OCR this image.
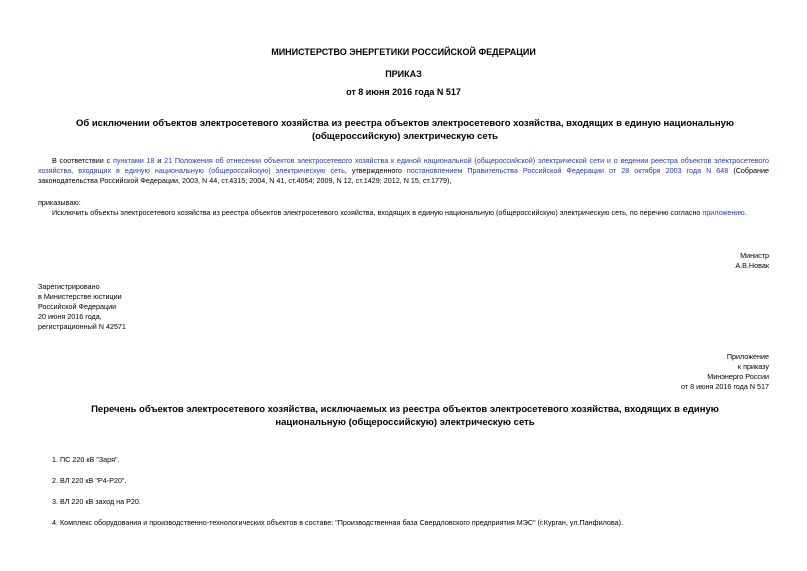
МИНИСТЕРСТВО ЭНЕРГЕТИКИ РОССИЙСКОЙ ФЕДЕРАЦИИ
ПРИКАЗ
от 8 июня 2016 года N 517
Об исключении объектов электросетевого хозяйства из реестра объектов электросетевого хозяйства, входящих в единую национальную (общероссийскую) электрическую сеть
В соответствии с пунктами 18 и 21 Положения об отнесении объектов электросетевого хозяйства к единой национальной (общероссийской) электрической сети и о ведении реестра объектов электросетевого хозяйства, входящих в единую национальную (общероссийскую) электрическую сеть, утвержденного постановлением Правительства Российской Федерации от 28 октября 2003 года N 648 (Собрание законодательства Российской Федерации, 2003, N 44, ст.4315; 2004, N 41, ст.4054; 2009, N 12, ст.1429; 2012, N 15, ст.1779),
приказываю:
Исключить объекты электросетевого хозяйства из реестра объектов электросетевого хозяйства, входящих в единую национальную (общероссийскую) электрическую сеть, по перечню согласно приложению.
Министр
А.В.Новак
Зарегистрировано
в Министерстве юстиции
Российской Федерации
20 июня 2016 года,
регистрационный N 42571
Приложение
к приказу
Минэнерго России
от 8 июня 2016 года N 517
Перечень объектов электросетевого хозяйства, исключаемых из реестра объектов электросетевого хозяйства, входящих в единую национальную (общероссийскую) электрическую сеть
1. ПС 220 кВ "Заря".
2. ВЛ 220 кВ "Р4-Р20".
3. ВЛ 220 кВ заход на Р20.
4. Комплекс оборудования и производственно-технологических объектов в составе: "Производственная база Свердловского предприятия МЭС" (г.Курган, ул.Панфилова).
